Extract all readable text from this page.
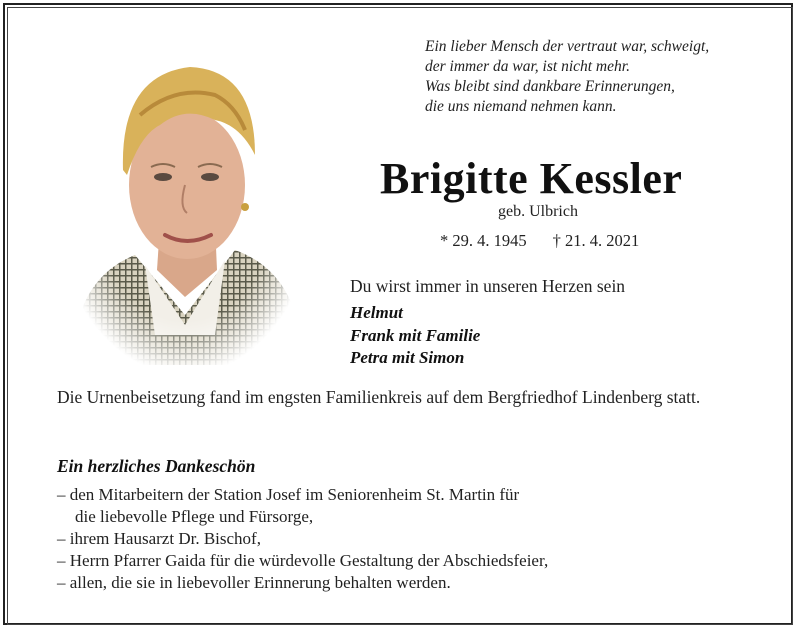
Ein lieber Mensch der vertraut war, schweigt,
der immer da war, ist nicht mehr.
Was bleibt sind dankbare Erinnerungen,
die uns niemand nehmen kann.
Brigitte Kessler
geb. Ulbrich
* 29. 4. 1945 † 21. 4. 2021
Du wirst immer in unseren Herzen sein
Helmut
Frank mit Familie
Petra mit Simon
Die Urnenbeisetzung fand im engsten Familienkreis auf dem Bergfriedhof Lindenberg statt.
Ein herzliches Dankeschön
– den Mitarbeitern der Station Josef im Seniorenheim St. Martin für
die liebevolle Pflege und Fürsorge,
– ihrem Hausarzt Dr. Bischof,
– Herrn Pfarrer Gaida für die würdevolle Gestaltung der Abschiedsfeier,
– allen, die sie in liebevoller Erinnerung behalten werden.
